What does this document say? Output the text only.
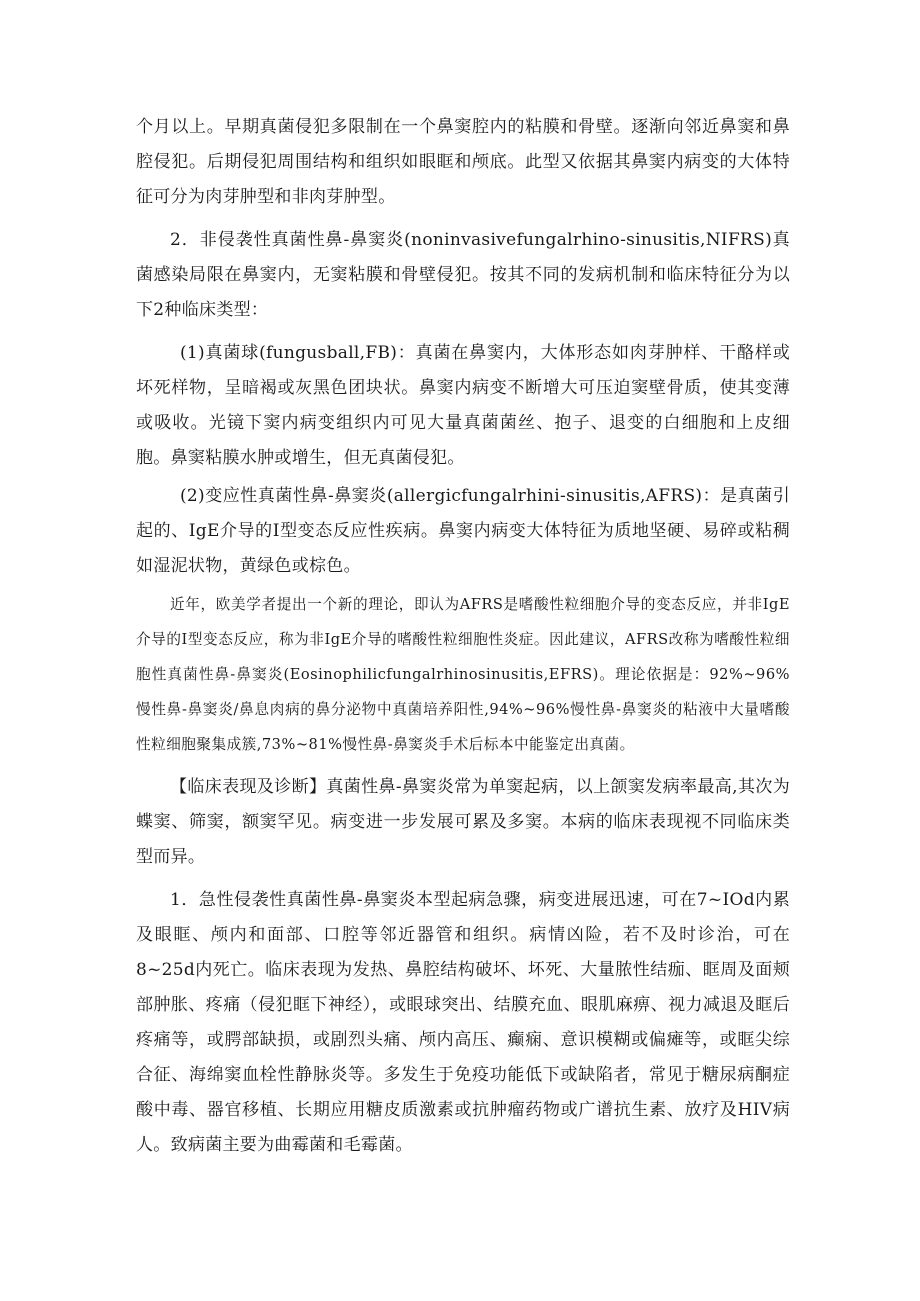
个月以上。早期真菌侵犯多限制在一个鼻窦腔内的粘膜和骨壁。逐渐向邻近鼻窦和鼻腔侵犯。后期侵犯周围结构和组织如眼眶和颅底。此型又依据其鼻窦内病变的大体特征可分为肉芽肿型和非肉芽肿型。

2．非侵袭性真菌性鼻-鼻窦炎(noninvasivefungalrhino-sinusitis,NIFRS)真菌感染局限在鼻窦内，无窦粘膜和骨壁侵犯。按其不同的发病机制和临床特征分为以下2种临床类型：

(1)真菌球(fungusball,FB)：真菌在鼻窦内，大体形态如肉芽肿样、干酪样或坏死样物，呈暗褐或灰黑色团块状。鼻窦内病变不断增大可压迫窦壁骨质，使其变薄或吸收。光镜下窦内病变组织内可见大量真菌菌丝、抱子、退变的白细胞和上皮细胞。鼻窦粘膜水肿或增生，但无真菌侵犯。

(2)变应性真菌性鼻-鼻窦炎(allergicfungalrhini-sinusitis,AFRS)：是真菌引起的、IgE介导的Ⅰ型变态反应性疾病。鼻窦内病变大体特征为质地坚硬、易碎或粘稠如湿泥状物，黄绿色或棕色。

近年，欧美学者提出一个新的理论，即认为AFRS是嗜酸性粒细胞介导的变态反应，并非IgE介导的Ⅰ型变态反应，称为非IgE介导的嗜酸性粒细胞性炎症。因此建议，AFRS改称为嗜酸性粒细胞性真菌性鼻-鼻窦炎(Eosinophilicfungalrhinosinusitis,EFRS)。理论依据是：92%~96%慢性鼻-鼻窦炎/鼻息肉病的鼻分泌物中真菌培养阳性,94%~96%慢性鼻-鼻窦炎的粘液中大量嗜酸性粒细胞聚集成簇,73%~81%慢性鼻-鼻窦炎手术后标本中能鉴定出真菌。

【临床表现及诊断】真菌性鼻-鼻窦炎常为单窦起病，以上颌窦发病率最高,其次为蝶窦、筛窦，额窦罕见。病变进一步发展可累及多窦。本病的临床表现视不同临床类型而异。

1．急性侵袭性真菌性鼻-鼻窦炎本型起病急骤，病变进展迅速，可在7~IOd内累及眼眶、颅内和面部、口腔等邻近器管和组织。病情凶险，若不及时诊治，可在8~25d内死亡。临床表现为发热、鼻腔结构破坏、坏死、大量脓性结痂、眶周及面颊部肿胀、疼痛（侵犯眶下神经），或眼球突出、结膜充血、眼肌麻痹、视力减退及眶后疼痛等，或腭部缺损，或剧烈头痛、颅内高压、癫痫、意识模糊或偏瘫等，或眶尖综合征、海绵窦血栓性静脉炎等。多发生于免疫功能低下或缺陷者，常见于糖尿病酮症酸中毒、器官移植、长期应用糖皮质激素或抗肿瘤药物或广谱抗生素、放疗及HIV病人。致病菌主要为曲霉菌和毛霉菌。
